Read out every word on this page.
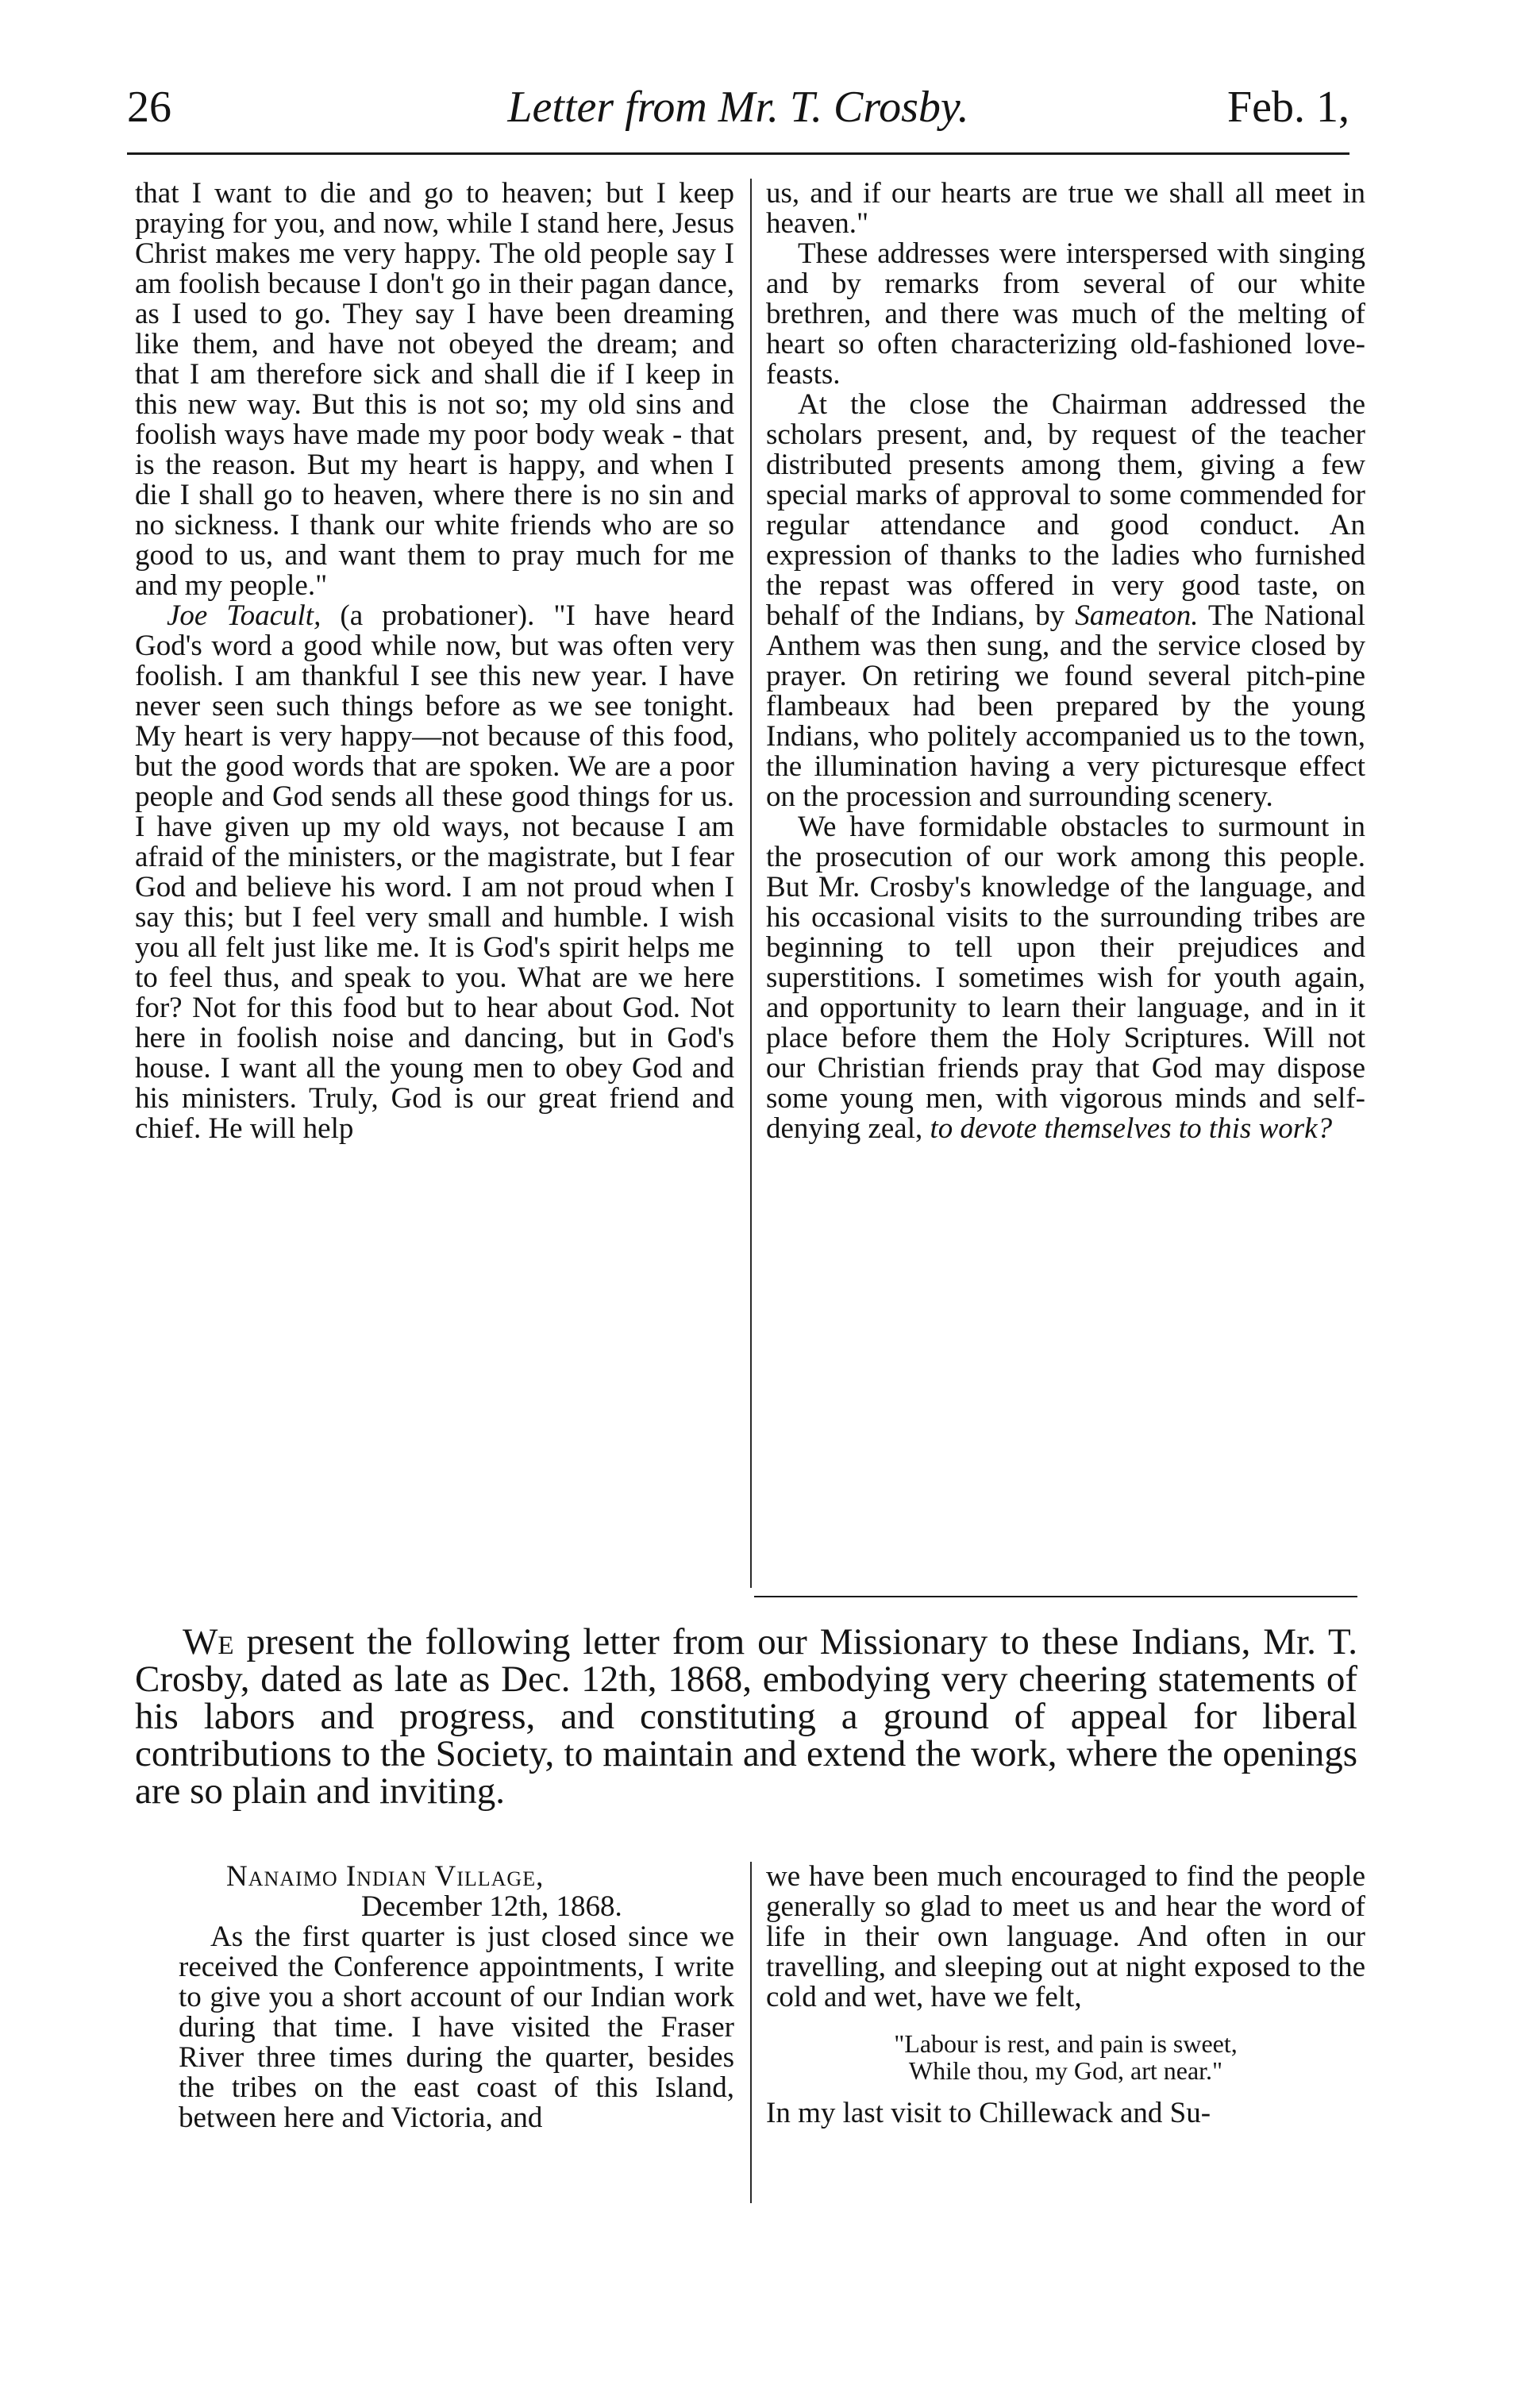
26	Letter from Mr. T. Crosby.	Feb. 1,

that I want to die and go to heaven; but I keep praying for you, and now, while I stand here, Jesus Christ makes me very happy. The old people say I am foolish because I don't go in their pagan dance, as I used to go. They say I have been dreaming like them, and have not obeyed the dream; and that I am therefore sick and shall die if I keep in this new way. But this is not so; my old sins and foolish ways have made my poor body weak - that is the reason. But my heart is happy, and when I die I shall go to heaven, where there is no sin and no sickness. I thank our white friends who are so good to us, and want them to pray much for me and my people."

Joe Toacult, (a probationer). "I have heard God's word a good while now, but was often very foolish. I am thankful I see this new year. I have never seen such things before as we see tonight. My heart is very happy—not because of this food, but the good words that are spoken. We are a poor people and God sends all these good things for us. I have given up my old ways, not because I am afraid of the ministers, or the magistrate, but I fear God and believe his word. I am not proud when I say this; but I feel very small and humble. I wish you all felt just like me. It is God's spirit helps me to feel thus, and speak to you. What are we here for? Not for this food but to hear about God. Not here in foolish noise and dancing, but in God's house. I want all the young men to obey God and his ministers. Truly, God is our great friend and chief. He will help

us, and if our hearts are true we shall all meet in heaven."

These addresses were interspersed with singing and by remarks from several of our white brethren, and there was much of the melting of heart so often characterizing old-fashioned love-feasts.

At the close the Chairman addressed the scholars present, and, by request of the teacher distributed presents among them, giving a few special marks of approval to some commended for regular attendance and good conduct. An expression of thanks to the ladies who furnished the repast was offered in very good taste, on behalf of the Indians, by Sameaton. The National Anthem was then sung, and the service closed by prayer. On retiring we found several pitch-pine flambeaux had been prepared by the young Indians, who politely accompanied us to the town, the illumination having a very picturesque effect on the procession and surrounding scenery.

We have formidable obstacles to surmount in the prosecution of our work among this people. But Mr. Crosby's knowledge of the language, and his occasional visits to the surrounding tribes are beginning to tell upon their prejudices and superstitions. I sometimes wish for youth again, and opportunity to learn their language, and in it place before them the Holy Scriptures. Will not our Christian friends pray that God may dispose some young men, with vigorous minds and self-denying zeal, to devote themselves to this work?

We present the following letter from our Missionary to these Indians, Mr. T. Crosby, dated as late as Dec. 12th, 1868, embodying very cheering statements of his labors and progress, and constituting a ground of appeal for liberal contributions to the Society, to maintain and extend the work, where the openings are so plain and inviting.

Nanaimo Indian Village,

December 12th, 1868.

As the first quarter is just closed since we received the Conference appointments, I write to give you a short account of our Indian work during that time. I have visited the Fraser River three times during the quarter, besides the tribes on the east coast of this Island, between here and Victoria, and

we have been much encouraged to find the people generally so glad to meet us and hear the word of life in their own language. And often in our travelling, and sleeping out at night exposed to the cold and wet, have we felt,

"Labour is rest, and pain is sweet,
While thou, my God, art near."

In my last visit to Chillewack and Su-
